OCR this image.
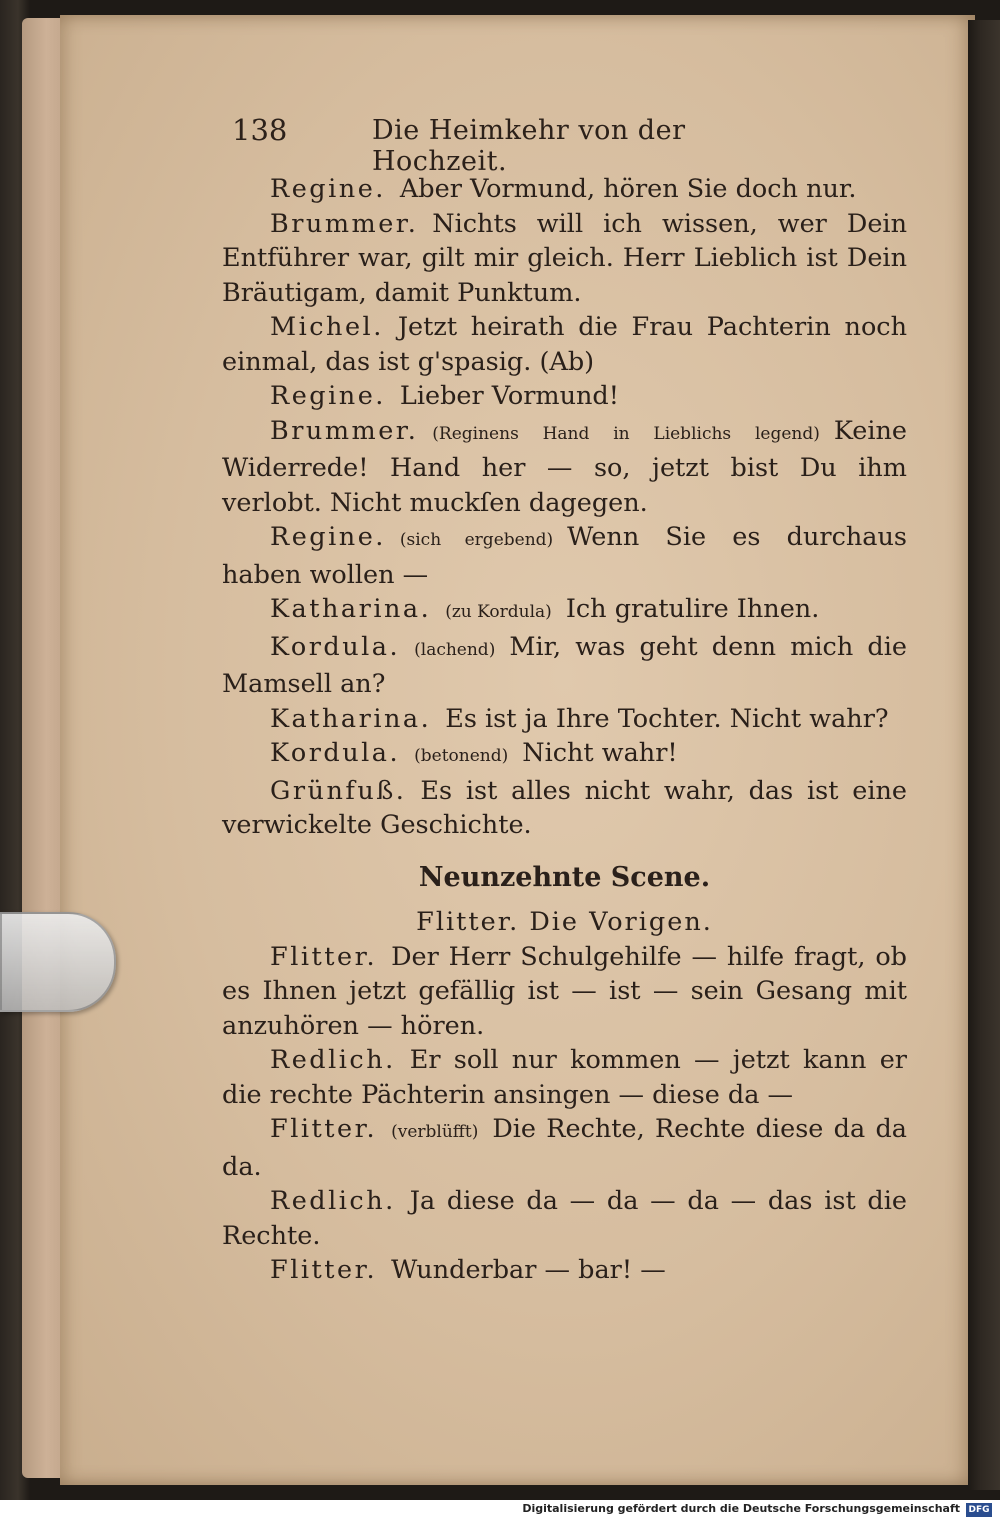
138	Die Heimkehr von der Hochzeit.

Regine. Aber Vormund, hören Sie doch nur.

Brummer. Nichts will ich wissen, wer Dein Entführer war, gilt mir gleich. Herr Lieblich ist Dein Bräutigam, damit Punktum.

Michel. Jetzt heirath die Frau Pachterin noch einmal, das ist g'spasig. (Ab)

Regine. Lieber Vormund!

Brummer. (Reginens Hand in Lieblichs legend) Keine Widerrede! Hand her — so, jetzt bist Du ihm verlobt. Nicht muckſen dagegen.

Regine. (sich ergebend) Wenn Sie es durchaus haben wollen —

Katharina. (zu Kordula) Ich gratulire Ihnen.

Kordula. (lachend) Mir, was geht denn mich die Mamsell an?

Katharina. Es ist ja Ihre Tochter. Nicht wahr?

Kordula. (betonend) Nicht wahr!

Grünfuß. Es ist alles nicht wahr, das ist eine verwickelte Geschichte.

Neunzehnte Scene.

Flitter. Die Vorigen.

Flitter. Der Herr Schulgehilfe — hilfe fragt, ob es Ihnen jetzt gefällig ist — ist — sein Gesang mit anzuhören — hören.

Redlich. Er soll nur kommen — jetzt kann er die rechte Pächterin ansingen — diese da —

Flitter. (verblüfft) Die Rechte, Rechte diese da da da.

Redlich. Ja diese da — da — da — das ist die Rechte.

Flitter. Wunderbar — bar! —

Digitalisierung gefördert durch die Deutsche Forschungsgemeinschaft DFG
